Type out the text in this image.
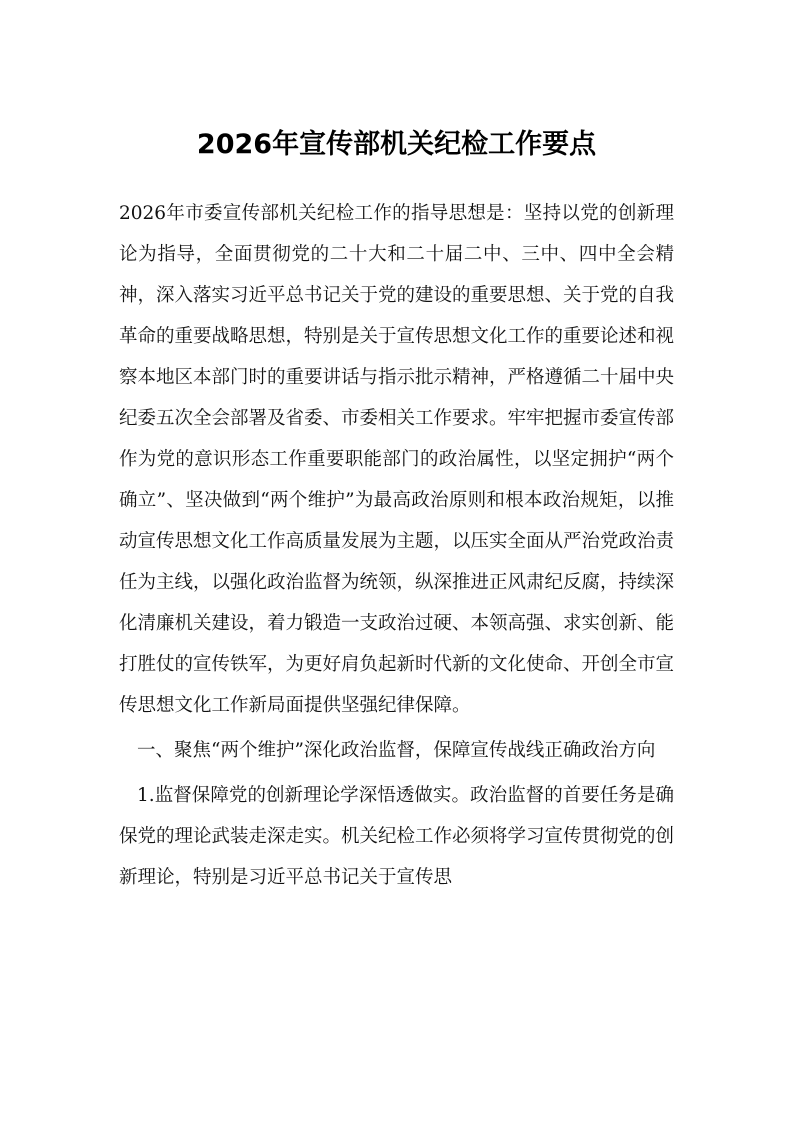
2026年宣传部机关纪检工作要点

2026年市委宣传部机关纪检工作的指导思想是：坚持以党的创新理论为指导，全面贯彻党的二十大和二十届二中、三中、四中全会精神，深入落实习近平总书记关于党的建设的重要思想、关于党的自我革命的重要战略思想，特别是关于宣传思想文化工作的重要论述和视察本地区本部门时的重要讲话与指示批示精神，严格遵循二十届中央纪委五次全会部署及省委、市委相关工作要求。牢牢把握市委宣传部作为党的意识形态工作重要职能部门的政治属性，以坚定拥护“两个确立”、坚决做到“两个维护”为最高政治原则和根本政治规矩，以推动宣传思想文化工作高质量发展为主题，以压实全面从严治党政治责任为主线，以强化政治监督为统领，纵深推进正风肃纪反腐，持续深化清廉机关建设，着力锻造一支政治过硬、本领高强、求实创新、能打胜仗的宣传铁军，为更好肩负起新时代新的文化使命、开创全市宣传思想文化工作新局面提供坚强纪律保障。

一、聚焦“两个维护”深化政治监督，保障宣传战线正确政治方向

1.监督保障党的创新理论学深悟透做实。政治监督的首要任务是确保党的理论武装走深走实。机关纪检工作必须将学习宣传贯彻党的创新理论，特别是习近平总书记关于宣传思
